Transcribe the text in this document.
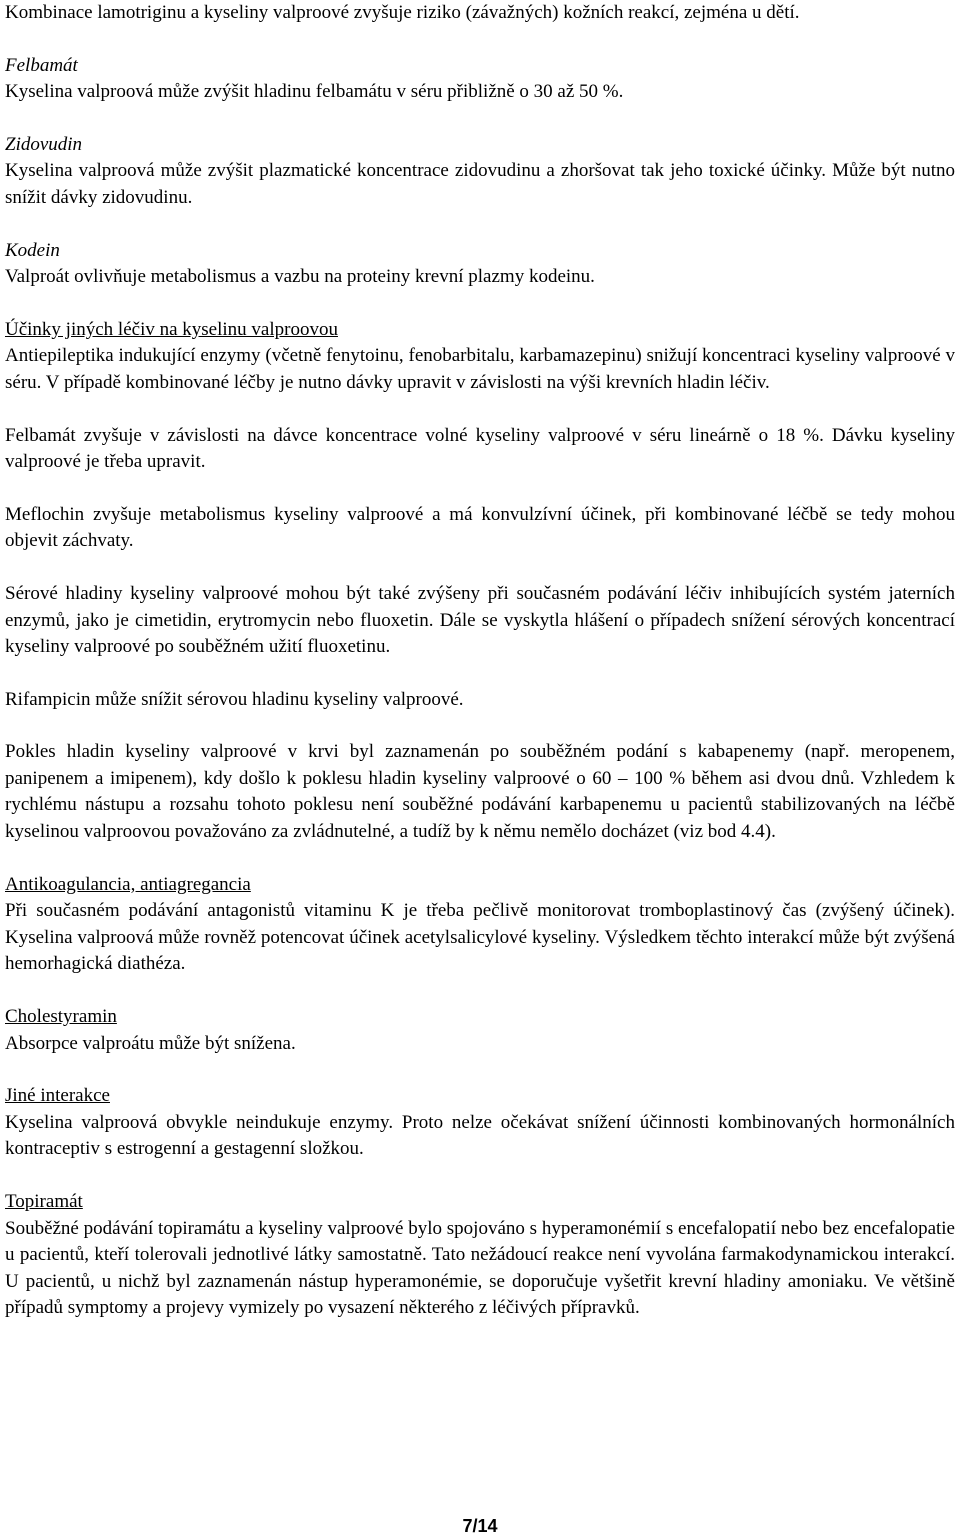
Kombinace lamotriginu a kyseliny valproové zvyšuje riziko (závažných) kožních reakcí, zejména u dětí.

Felbamát
Kyselina valproová může zvýšit hladinu felbamátu v séru přibližně o 30 až 50 %.

Zidovudin
Kyselina valproová může zvýšit plazmatické koncentrace zidovudinu a zhoršovat tak jeho toxické účinky. Může být nutno snížit dávky zidovudinu.

Kodein
Valproát ovlivňuje metabolismus a vazbu na proteiny krevní plazmy kodeinu.

Účinky jiných léčiv na kyselinu valproovou
Antiepileptika indukující enzymy (včetně fenytoinu, fenobarbitalu, karbamazepinu) snižují koncentraci kyseliny valproové v séru. V případě kombinované léčby je nutno dávky upravit v závislosti na výši krevních hladin léčiv.

Felbamát zvyšuje v závislosti na dávce koncentrace volné kyseliny valproové v séru lineárně o 18 %. Dávku kyseliny valproové je třeba upravit.

Meflochin zvyšuje metabolismus kyseliny valproové a má konvulzívní účinek, při kombinované léčbě se tedy mohou objevit záchvaty.

Sérové hladiny kyseliny valproové mohou být také zvýšeny při současném podávání léčiv inhibujících systém jaterních enzymů, jako je cimetidin, erytromycin nebo fluoxetin. Dále se vyskytla hlášení o případech snížení sérových koncentrací kyseliny valproové po souběžném užití fluoxetinu.

Rifampicin může snížit sérovou hladinu kyseliny valproové.

Pokles hladin kyseliny valproové v krvi byl zaznamenán po souběžném podání s kabapenemy (např. meropenem, panipenem a imipenem), kdy došlo k poklesu hladin kyseliny valproové o 60 – 100 % během asi dvou dnů. Vzhledem k rychlému nástupu a rozsahu tohoto poklesu není souběžné podávání karbapenemu u pacientů stabilizovaných na léčbě kyselinou valproovou považováno za zvládnutelné, a tudíž by k němu nemělo docházet (viz bod 4.4).

Antikoagulancia, antiagregancia
Při současném podávání antagonistů vitaminu K je třeba pečlivě monitorovat tromboplastinový čas (zvýšený účinek). Kyselina valproová může rovněž potencovat účinek acetylsalicylové kyseliny. Výsledkem těchto interakcí může být zvýšená hemorhagická diathéza.

Cholestyramin
Absorpce valproátu může být snížena.

Jiné interakce
Kyselina valproová obvykle neindukuje enzymy. Proto nelze očekávat snížení účinnosti kombinovaných hormonálních kontraceptiv s estrogenní a gestagenní složkou.

Topiramát
Souběžné podávání topiramátu a kyseliny valproové bylo spojováno s hyperamonémií s encefalopatií nebo bez encefalopatie u pacientů, kteří tolerovali jednotlivé látky samostatně. Tato nežádoucí reakce není vyvolána farmakodynamickou interakcí. U pacientů, u nichž byl zaznamenán nástup hyperamonémie, se doporučuje vyšetřit krevní hladiny amoniaku. Ve většině případů symptomy a projevy vymizely po vysazení některého z léčivých přípravků.

7/14
